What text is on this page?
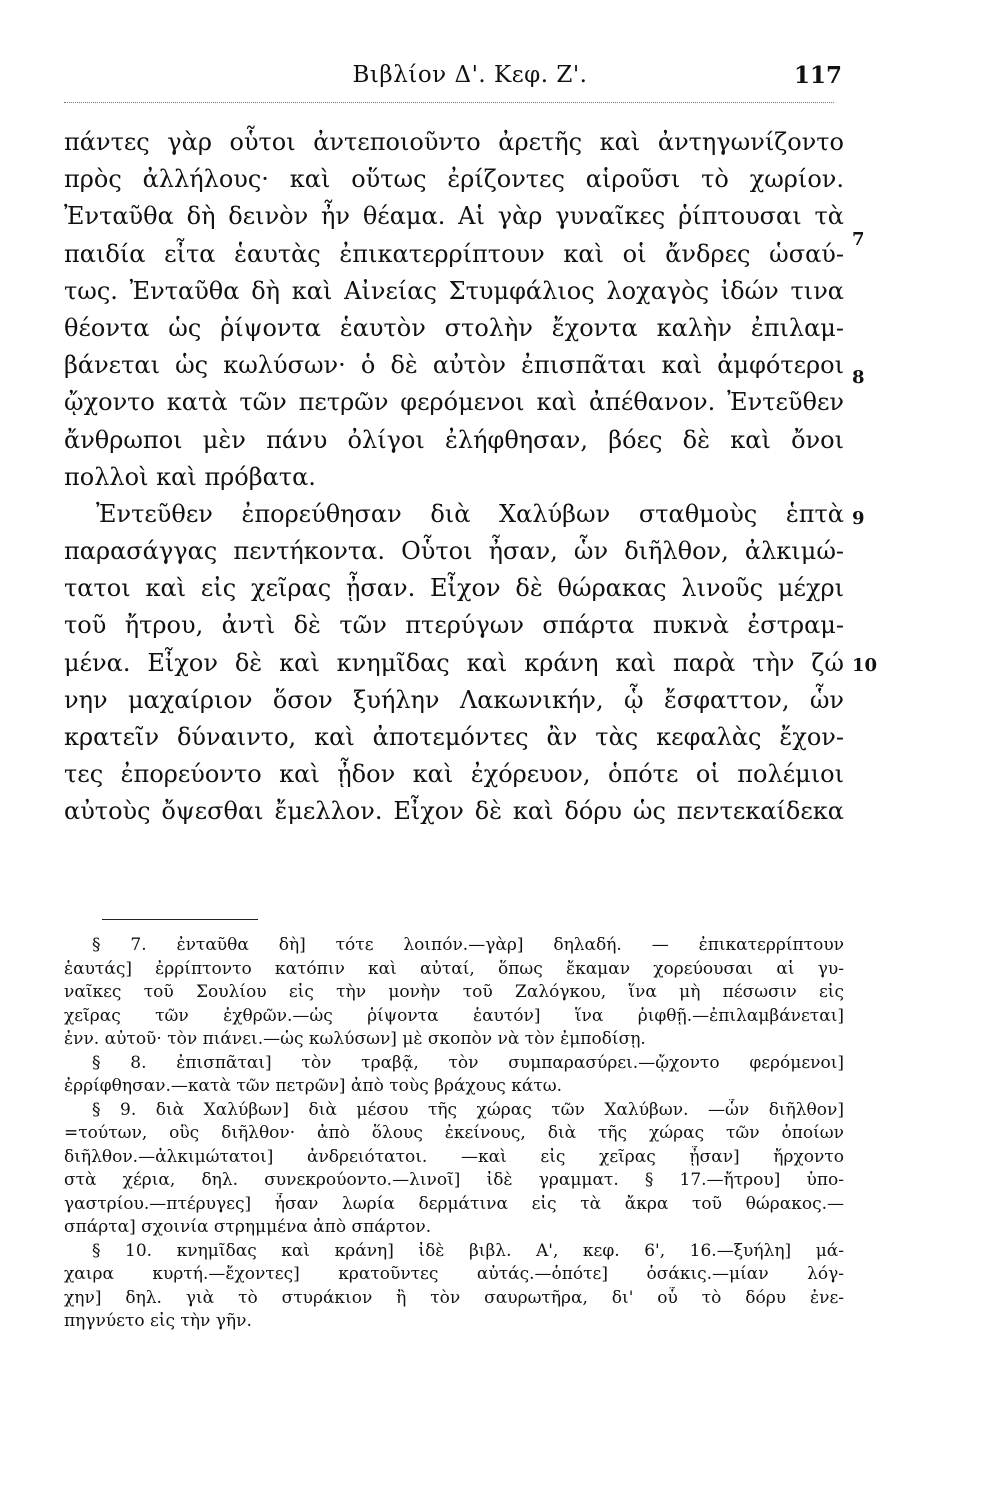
Βιβλίον Δ'. Κεφ. Ζ'.	117
πάντες γὰρ οὗτοι ἀντεποιοῦντο ἀρετῆς καὶ ἀντηγωνίζοντο
πρὸς ἀλλήλους· καὶ οὕτως ἐρίζοντες αἱροῦσι τὸ χωρίον.
Ἐνταῦθα δὴ δεινὸν ἦν θέαμα. Αἱ γὰρ γυναῖκες ῥίπτουσαι τὰ
παιδία εἶτα ἑαυτὰς ἐπικατερρίπτουν καὶ οἱ ἄνδρες ὡσαύ-
τως. Ἐνταῦθα δὴ καὶ Αἰνείας Στυμφάλιος λοχαγὸς ἰδών τινα
θέοντα ὡς ῥίψοντα ἑαυτὸν στολὴν ἔχοντα καλὴν ἐπιλαμ-
βάνεται ὡς κωλύσων· ὁ δὲ αὐτὸν ἐπισπᾶται καὶ ἀμφότεροι
ᾤχοντο κατὰ τῶν πετρῶν φερόμενοι καὶ ἀπέθανον. Ἐντεῦθεν
ἄνθρωποι μὲν πάνυ ὀλίγοι ἐλήφθησαν, βόες δὲ καὶ ὄνοι
πολλοὶ καὶ πρόβατα.
Ἐντεῦθεν ἐπορεύθησαν διὰ Χαλύβων σταθμοὺς ἑπτὰ
παρασάγγας πεντήκοντα. Οὗτοι ἦσαν, ὧν διῆλθον, ἀλκιμώ-
τατοι καὶ εἰς χεῖρας ᾖσαν. Εἶχον δὲ θώρακας λινοῦς μέχρι
τοῦ ἤτρου, ἀντὶ δὲ τῶν πτερύγων σπάρτα πυκνὰ ἐστραμ-
μένα. Εἶχον δὲ καὶ κνημῖδας καὶ κράνη καὶ παρὰ τὴν ζώ
νην μαχαίριον ὅσον ξυήλην Λακωνικήν, ᾧ ἔσφαττον, ὧν
κρατεῖν δύναιντο, καὶ ἀποτεμόντες ἂν τὰς κεφαλὰς ἔχον-
τες ἐπορεύοντο καὶ ᾖδον καὶ ἐχόρευον, ὁπότε οἱ πολέμιοι
αὐτοὺς ὄψεσθαι ἔμελλον. Εἶχον δὲ καὶ δόρυ ὡς πεντεκαίδεκα
7
8
9
10
§ 7. ἐνταῦθα δὴ] τότε λοιπόν.—γὰρ] δηλαδή. — ἐπικατερρίπτουν
ἑαυτάς] ἐρρίπτοντο κατόπιν καὶ αὐταί, ὅπως ἔκαμαν χορεύουσαι αἱ γυ-
ναῖκες τοῦ Σουλίου εἰς τὴν μονὴν τοῦ Ζαλόγκου, ἵνα μὴ πέσωσιν εἰς
χεῖρας τῶν ἐχθρῶν.—ὡς ῥίψοντα ἑαυτόν] ἵνα ῥιφθῇ.—ἐπιλαμβάνεται]
ἐνν. αὐτοῦ· τὸν πιάνει.—ὡς κωλύσων] μὲ σκοπὸν νὰ τὸν ἐμποδίσῃ.
§ 8. ἐπισπᾶται] τὸν τραβᾷ, τὸν συμπαρασύρει.—ᾤχοντο φερόμενοι]
ἐρρίφθησαν.—κατὰ τῶν πετρῶν] ἀπὸ τοὺς βράχους κάτω.
§ 9. διὰ Χαλύβων] διὰ μέσου τῆς χώρας τῶν Χαλύβων. —ὧν διῆλθον]
=τούτων, οὓς διῆλθον· ἀπὸ ὅλους ἐκείνους, διὰ τῆς χώρας τῶν ὁποίων
διῆλθον.—ἀλκιμώτατοι] ἀνδρειότατοι. —καὶ εἰς χεῖρας ᾖσαν] ἤρχοντο
στὰ χέρια, δηλ. συνεκρούοντο.—λινοῖ] ἰδὲ γραμματ. § 17.—ἤτρου] ὑπο-
γαστρίου.—πτέρυγες] ἦσαν λωρία δερμάτινα εἰς τὰ ἄκρα τοῦ θώρακος.—
σπάρτα] σχοινία στρημμένα ἀπὸ σπάρτον.
§ 10. κνημῖδας καὶ κράνη] ἰδὲ βιβλ. Α', κεφ. 6', 16.—ξυήλη] μά-
χαιρα κυρτή.—ἔχοντες] κρατοῦντες αὐτάς.—ὁπότε] ὁσάκις.—μίαν λόγ-
χην] δηλ. γιὰ τὸ στυράκιον ἢ τὸν σαυρωτῆρα, δι' οὗ τὸ δόρυ ἐνε-
πηγνύετο εἰς τὴν γῆν.
